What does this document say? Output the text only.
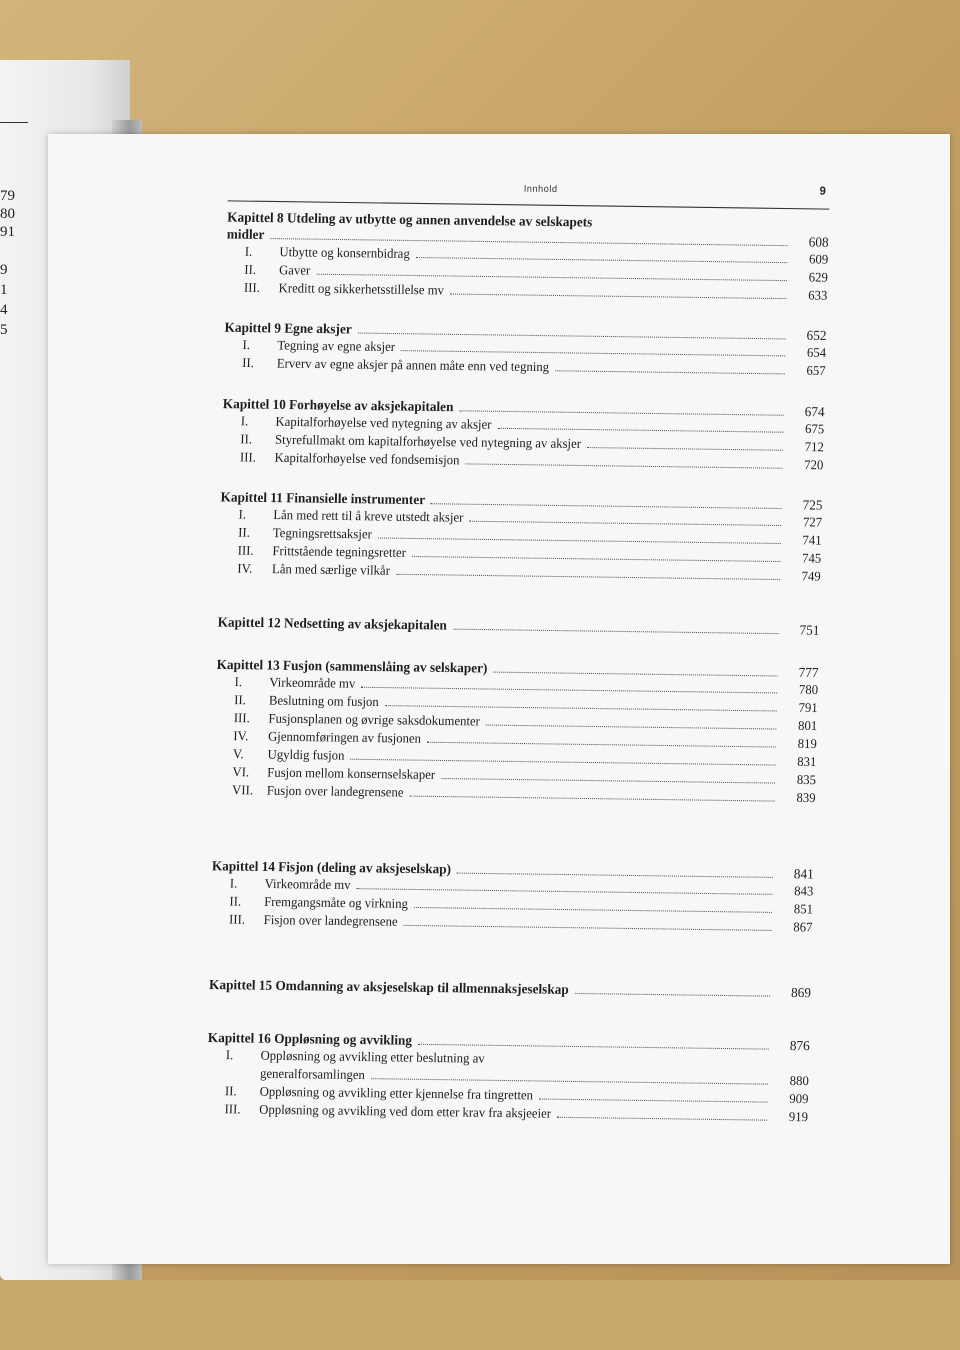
79
80
91
9
1
4
5
Innhold	9
Kapittel 8 Utdeling av utbytte og annen anvendelse av selskapets
midler	608
I.	Utbytte og konsernbidrag	609
II.	Gaver	629
III.	Kreditt og sikkerhetsstillelse mv	633
Kapittel 9 Egne aksjer	652
I.	Tegning av egne aksjer	654
II.	Erverv av egne aksjer på annen måte enn ved tegning	657
Kapittel 10 Forhøyelse av aksjekapitalen	674
I.	Kapitalforhøyelse ved nytegning av aksjer	675
II.	Styrefullmakt om kapitalforhøyelse ved nytegning av aksjer	712
III.	Kapitalforhøyelse ved fondsemisjon	720
Kapittel 11 Finansielle instrumenter	725
I.	Lån med rett til å kreve utstedt aksjer	727
II.	Tegningsrettsaksjer	741
III.	Frittstående tegningsretter	745
IV.	Lån med særlige vilkår	749
Kapittel 12 Nedsetting av aksjekapitalen	751
Kapittel 13 Fusjon (sammenslåing av selskaper)	777
I.	Virkeområde mv	780
II.	Beslutning om fusjon	791
III.	Fusjonsplanen og øvrige saksdokumenter	801
IV.	Gjennomføringen av fusjonen	819
V.	Ugyldig fusjon	831
VI.	Fusjon mellom konsernselskaper	835
VII.	Fusjon over landegrensene	839
Kapittel 14 Fisjon (deling av aksjeselskap)	841
I.	Virkeområde mv	843
II.	Fremgangsmåte og virkning	851
III.	Fisjon over landegrensene	867
Kapittel 15 Omdanning av aksjeselskap til allmennaksjeselskap	869
Kapittel 16 Oppløsning og avvikling	876
I.	Oppløsning og avvikling etter beslutning av
generalforsamlingen	880
II.	Oppløsning og avvikling etter kjennelse fra tingretten	909
III.	Oppløsning og avvikling ved dom etter krav fra aksjeeier	919
